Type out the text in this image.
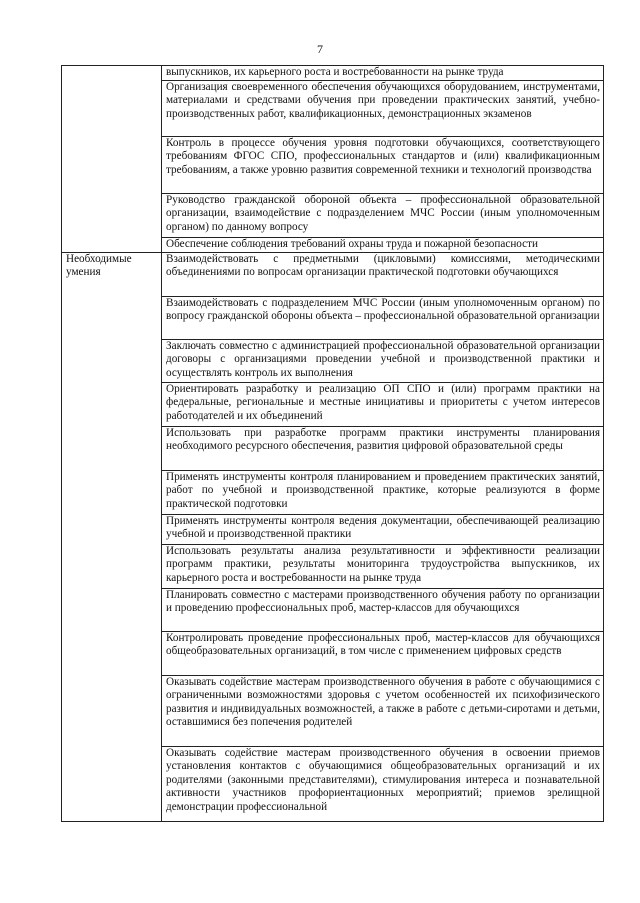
7
	выпускников, их карьерного роста и востребованности на рынке труда
	Организация своевременного обеспечения обучающихся оборудованием, инструментами, материалами и средствами обучения при проведении практических занятий, учебно-производственных работ, квалификационных, демонстрационных экзаменов
	Контроль в процессе обучения уровня подготовки обучающихся, соответствующего требованиям ФГОС СПО, профессиональных стандартов и (или) квалификационным требованиям, а также уровню развития современной техники и технологий производства
	Руководство гражданской обороной объекта – профессиональной образовательной организации, взаимодействие с подразделением МЧС России (иным уполномоченным органом) по данному вопросу
	Обеспечение соблюдения требований охраны труда и пожарной безопасности
Необходимые умения	Взаимодействовать с предметными (цикловыми) комиссиями, методическими объединениями по вопросам организации практической подготовки обучающихся
	Взаимодействовать с подразделением МЧС России (иным уполномоченным органом) по вопросу гражданской обороны объекта – профессиональной образовательной организации
	Заключать совместно с администрацией профессиональной образовательной организации договоры с организациями проведении учебной и производственной практики и осуществлять контроль их выполнения
	Ориентировать разработку и реализацию ОП СПО и (или) программ практики на федеральные, региональные и местные инициативы и приоритеты с учетом интересов работодателей и их объединений
	Использовать при разработке программ практики инструменты планирования необходимого ресурсного обеспечения, развития цифровой образовательной среды
	Применять инструменты контроля планированием и проведением практических занятий, работ по учебной и производственной практике, которые реализуются в форме практической подготовки
	Применять инструменты контроля ведения документации, обеспечивающей реализацию учебной и производственной практики
	Использовать результаты анализа результативности и эффективности реализации программ практики, результаты мониторинга трудоустройства выпускников, их карьерного роста и востребованности на рынке труда
	Планировать совместно с мастерами производственного обучения работу по организации и проведению профессиональных проб, мастер-классов для обучающихся
	Контролировать проведение профессиональных проб, мастер-классов для обучающихся общеобразовательных организаций, в том числе с применением цифровых средств
	Оказывать содействие мастерам производственного обучения в работе с обучающимися с ограниченными возможностями здоровья с учетом особенностей их психофизического развития и индивидуальных возможностей, а также в работе с детьми-сиротами и детьми, оставшимися без попечения родителей
	Оказывать содействие мастерам производственного обучения в освоении приемов установления контактов с обучающимися общеобразовательных организаций и их родителями (законными представителями), стимулирования интереса и познавательной активности участников профориентационных мероприятий; приемов зрелищной демонстрации профессиональной
